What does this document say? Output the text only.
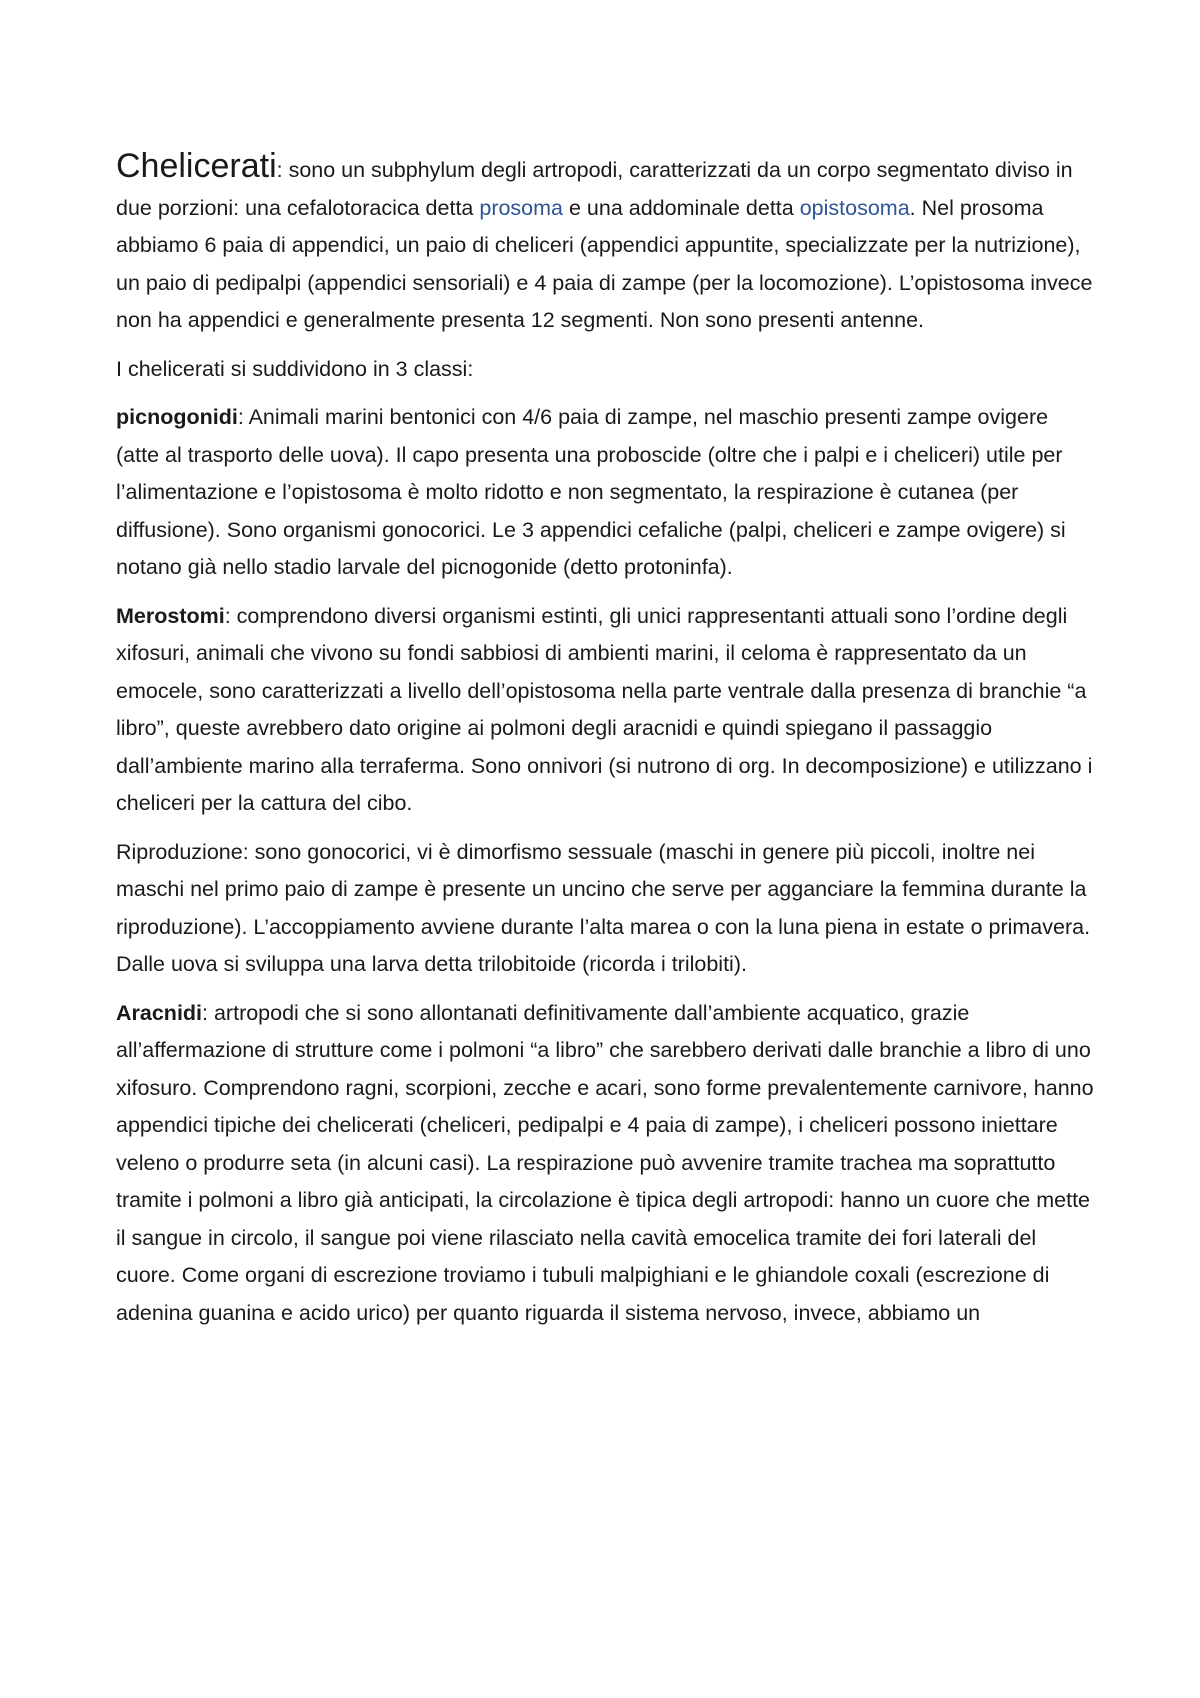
Chelicerati: sono un subphylum degli artropodi, caratterizzati da un corpo segmentato diviso in due porzioni: una cefalotoracica detta prosoma e una addominale detta opistosoma. Nel prosoma abbiamo 6 paia di appendici, un paio di cheliceri (appendici appuntite, specializzate per la nutrizione), un paio di pedipalpi (appendici sensoriali) e 4 paia di zampe (per la locomozione). L’opistosoma invece non ha appendici e generalmente presenta 12 segmenti. Non sono presenti antenne.

I chelicerati si suddividono in 3 classi:

picnogonidi: Animali marini bentonici con 4/6 paia di zampe, nel maschio presenti zampe ovigere (atte al trasporto delle uova). Il capo presenta una proboscide (oltre che i palpi e i cheliceri) utile per l’alimentazione e l’opistosoma è molto ridotto e non segmentato, la respirazione è cutanea (per diffusione). Sono organismi gonocorici. Le 3 appendici cefaliche (palpi, cheliceri e zampe ovigere) si notano già nello stadio larvale del picnogonide (detto protoninfa).

Merostomi: comprendono diversi organismi estinti, gli unici rappresentanti attuali sono l’ordine degli xifosuri, animali che vivono su fondi sabbiosi di ambienti marini, il celoma è rappresentato da un emocele, sono caratterizzati a livello dell’opistosoma nella parte ventrale dalla presenza di branchie “a libro”, queste avrebbero dato origine ai polmoni degli aracnidi e quindi spiegano il passaggio dall’ambiente marino alla terraferma. Sono onnivori (si nutrono di org. In decomposizione) e utilizzano i cheliceri per la cattura del cibo.

Riproduzione: sono gonocorici, vi è dimorfismo sessuale (maschi in genere più piccoli, inoltre nei maschi nel primo paio di zampe è presente un uncino che serve per agganciare la femmina durante la riproduzione). L’accoppiamento avviene durante l’alta marea o con la luna piena in estate o primavera. Dalle uova si sviluppa una larva detta trilobitoide (ricorda i trilobiti).

Aracnidi: artropodi che si sono allontanati definitivamente dall’ambiente acquatico, grazie all’affermazione di strutture come i polmoni “a libro” che sarebbero derivati dalle branchie a libro di uno xifosuro. Comprendono ragni, scorpioni, zecche e acari, sono forme prevalentemente carnivore, hanno appendici tipiche dei chelicerati (cheliceri, pedipalpi e 4 paia di zampe), i cheliceri possono iniettare veleno o produrre seta (in alcuni casi). La respirazione può avvenire tramite trachea ma soprattutto tramite i polmoni a libro già anticipati, la circolazione è tipica degli artropodi: hanno un cuore che mette il sangue in circolo, il sangue poi viene rilasciato nella cavità emocelica tramite dei fori laterali del cuore. Come organi di escrezione troviamo i tubuli malpighiani e le ghiandole coxali (escrezione di adenina guanina e acido urico) per quanto riguarda il sistema nervoso, invece, abbiamo un
